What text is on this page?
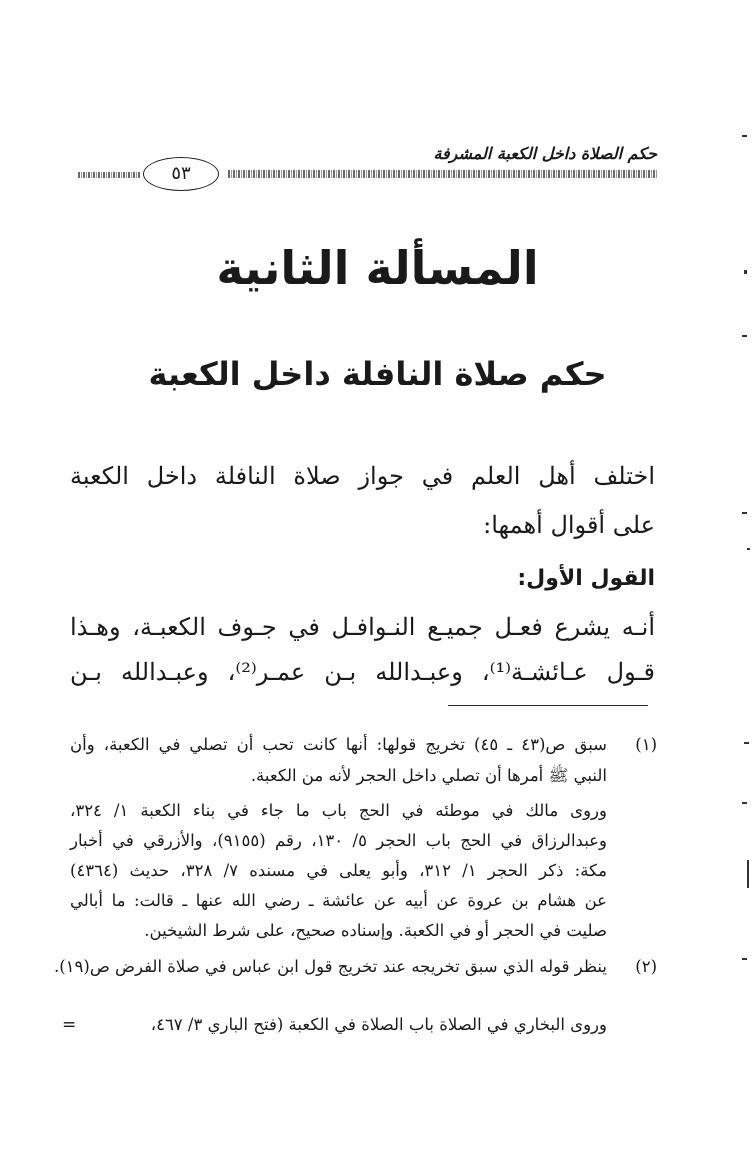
حكم الصلاة داخل الكعبة المشرفة
٥٣
المسألة الثانية
حكم صلاة النافلة داخل الكعبة
اختلف أهل العلم في جواز صلاة النافلة داخل الكعبة
على أقوال أهمها:
القول الأول:
أنـه يشرع فعـل جميـع النـوافـل في جـوف الكعبـة، وهـذا
قـول عـائشـة⁽¹⁾، وعبـدالله بـن عمـر⁽²⁾، وعبـدالله بـن
(١)
سبق ص(٤٣ ـ ٤٥) تخريج قولها: أنها كانت تحب أن تصلي في الكعبة، وأن
النبي ﷺ أمرها أن تصلي داخل الحجر لأنه من الكعبة.
وروى مالك في موطئه في الحج باب ما جاء في بناء الكعبة ١/ ٣٢٤،
وعبدالرزاق في الحج باب الحجر ٥/ ١٣٠، رقم (٩١٥٥)، والأزرقي في أخبار
مكة: ذكر الحجر ١/ ٣١٢، وأبو يعلى في مسنده ٧/ ٣٢٨، حديث (٤٣٦٤)
عن هشام بن عروة عن أبيه عن عائشة ـ رضي الله عنها ـ قالت: ما أبالي
صليت في الحجر أو في الكعبة. وإسناده صحيح، على شرط الشيخين.
(٢)
ينظر قوله الذي سبق تخريجه عند تخريج قول ابن عباس في صلاة الفرض ص(١٩).
وروى البخاري في الصلاة باب الصلاة في الكعبة (فتح الباري ٣/ ٤٦٧،
=
